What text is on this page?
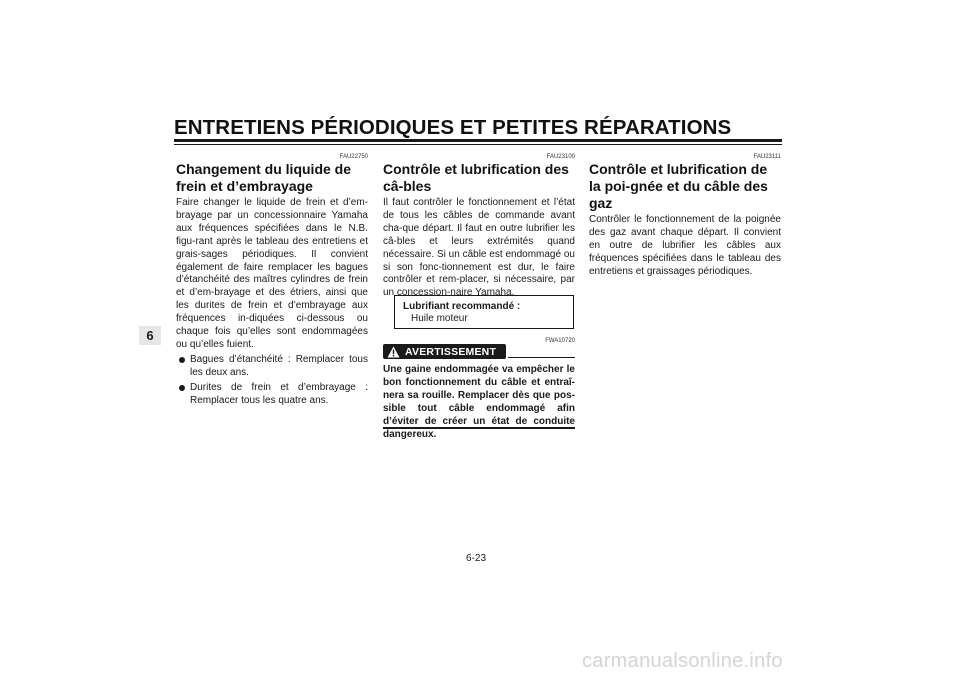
ENTRETIENS PÉRIODIQUES ET PETITES RÉPARATIONS
6
FAU22750
Changement du liquide de frein et d’embrayage

Faire changer le liquide de frein et d’em-brayage par un concessionnaire Yamaha aux fréquences spécifiées dans le N.B. figu-rant après le tableau des entretiens et grais-sages périodiques. Il convient également de faire remplacer les bagues d’étanchéité des maîtres cylindres de frein et d’em-brayage et des étriers, ainsi que les durites de frein et d’embrayage aux fréquences in-diquées ci-dessous ou chaque fois qu’elles sont endommagées ou qu’elles fuient.

Bagues d’étanchéité : Remplacer tous les deux ans.
Durites de frein et d’embrayage : Remplacer tous les quatre ans.
FAU23100
Contrôle et lubrification des câ-bles

Il faut contrôler le fonctionnement et l’état de tous les câbles de commande avant cha-que départ. Il faut en outre lubrifier les câ-bles et leurs extrémités quand nécessaire. Si un câble est endommagé ou si son fonc-tionnement est dur, le faire contrôler et rem-placer, si nécessaire, par un concession-naire Yamaha.

Lubrifiant recommandé :
Huile moteur
FWA10720
AVERTISSEMENT
Une gaine endommagée va empêcher le bon fonctionnement du câble et entraî-nera sa rouille. Remplacer dès que pos-sible tout câble endommagé afin d’éviter de créer un état de conduite dangereux.
FAU23111
Contrôle et lubrification de la poi-gnée et du câble des gaz

Contrôler le fonctionnement de la poignée des gaz avant chaque départ. Il convient en outre de lubrifier les câbles aux fréquences spécifiées dans le tableau des entretiens et graissages périodiques.

6-23
carmanualsonline.info
